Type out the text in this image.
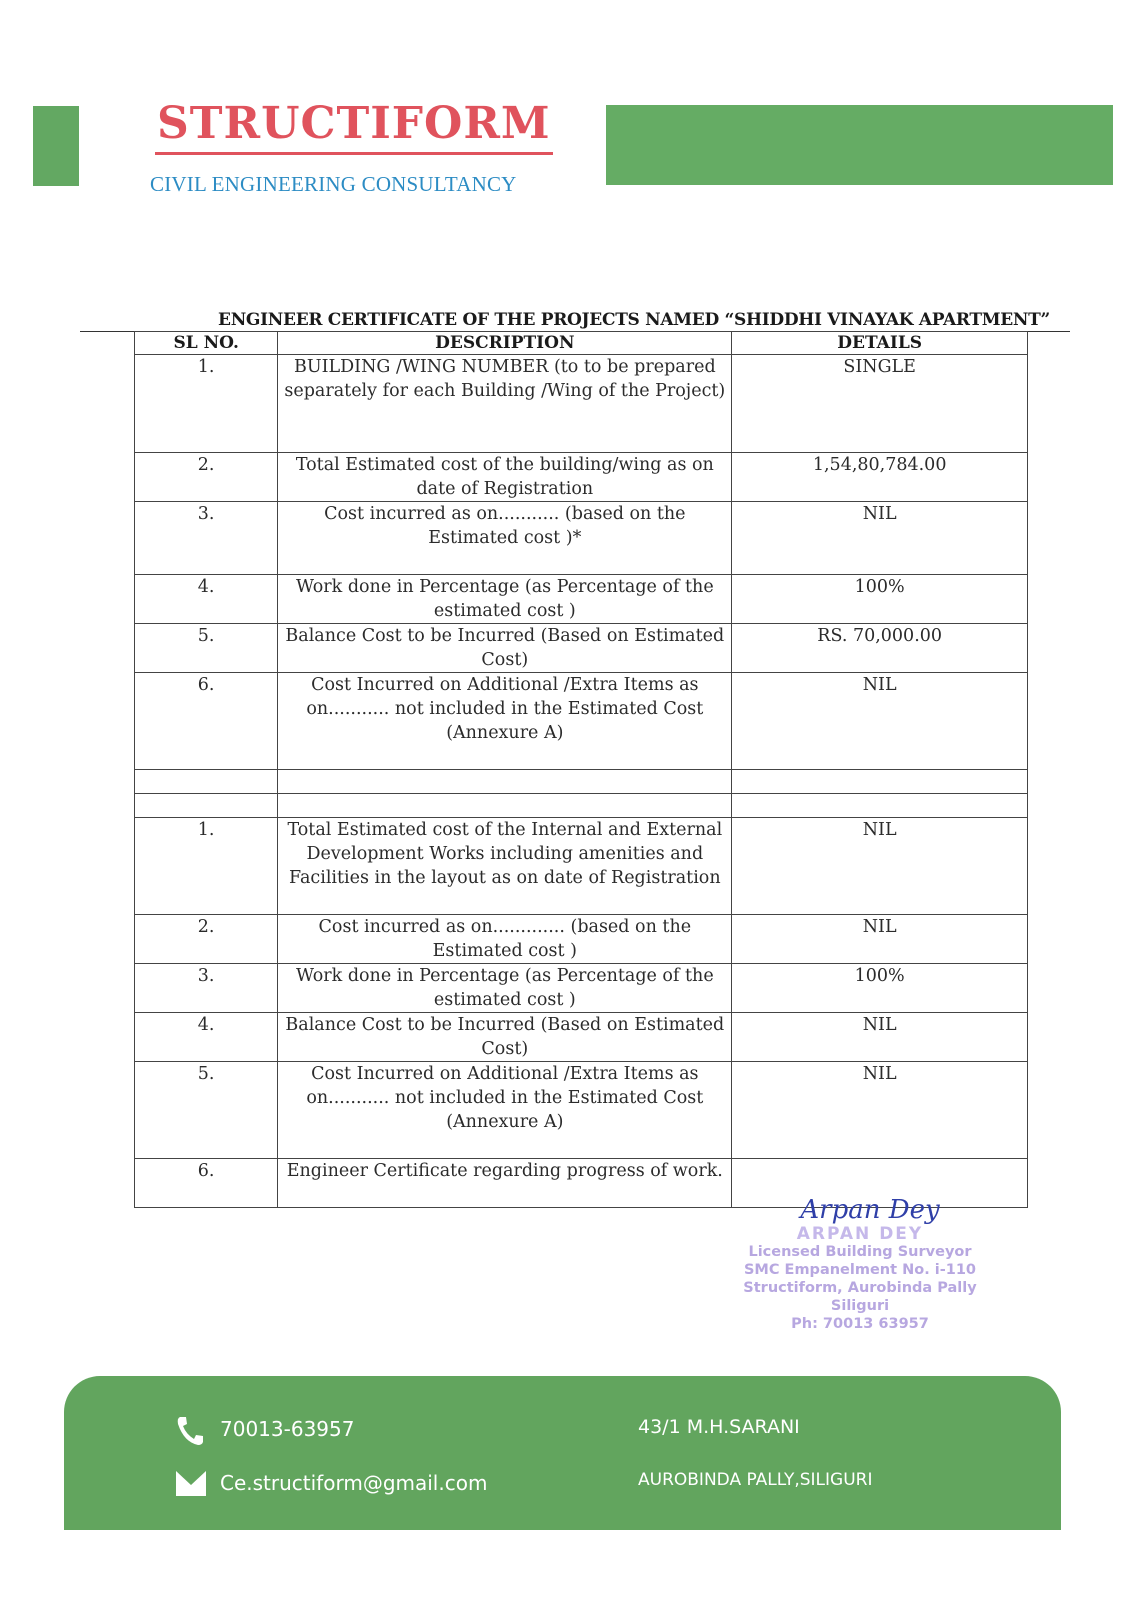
STRUCTIFORM
CIVIL ENGINEERING CONSULTANCY
ENGINEER CERTIFICATE OF THE PROJECTS NAMED “SHIDDHI VINAYAK APARTMENT”
SL NO.	DESCRIPTION	DETAILS
1.	BUILDING /WING NUMBER (to to be prepared separately for each Building /Wing of the Project)	SINGLE
2.	Total Estimated cost of the building/wing as on date of Registration	1,54,80,784.00
3.	Cost incurred as on........... (based on the Estimated cost )*	NIL
4.	Work done in Percentage (as Percentage of the estimated cost )	100%
5.	Balance Cost to be Incurred (Based on Estimated Cost)	RS. 70,000.00
6.	Cost Incurred on Additional /Extra Items as on........... not included in the Estimated Cost (Annexure A)	NIL

1.	Total Estimated cost of the Internal and External Development Works including amenities and Facilities in the layout as on date of Registration	NIL
2.	Cost incurred as on............. (based on the Estimated cost )	NIL
3.	Work done in Percentage (as Percentage of the estimated cost )	100%
4.	Balance Cost to be Incurred (Based on Estimated Cost)	NIL
5.	Cost Incurred on Additional /Extra Items as on........... not included in the Estimated Cost (Annexure A)	NIL
6.	Engineer Certificate regarding progress of work.	
Arpan Dey
ARPAN DEY
Licensed Building Surveyor
SMC Empanelment No. i-110
Structiform, Aurobinda Pally
Siliguri
Ph: 70013 63957
70013-63957
Ce.structiform@gmail.com
43/1 M.H.SARANI
AUROBINDA PALLY,SILIGURI
